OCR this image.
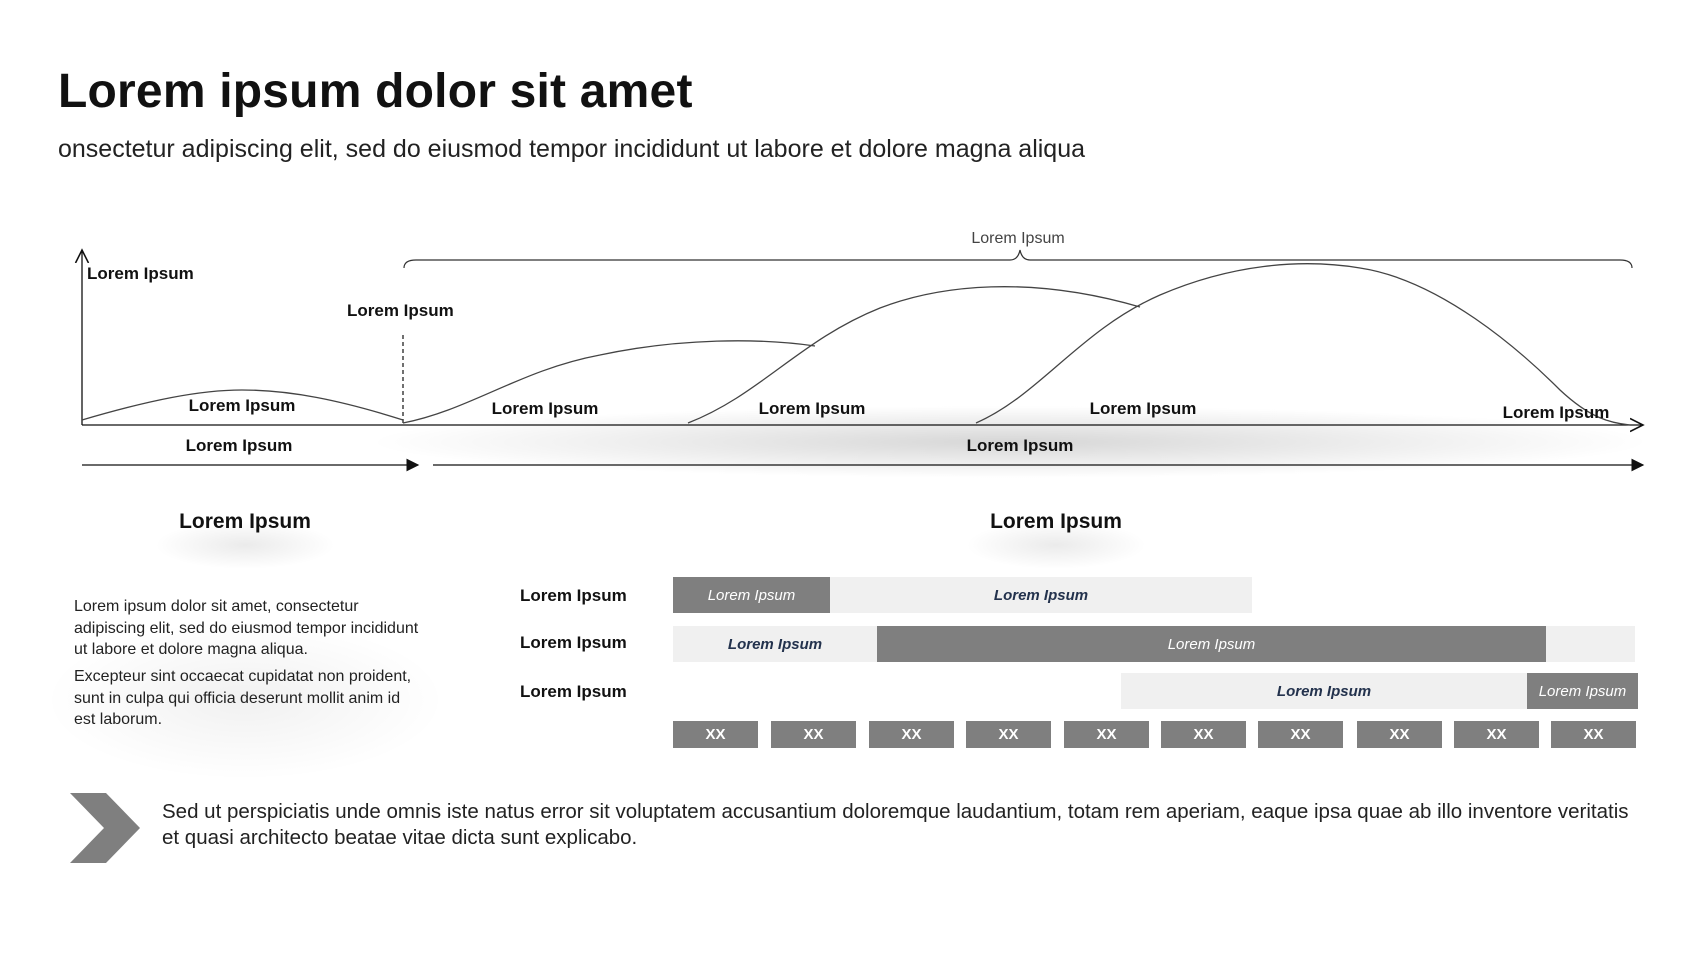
Lorem ipsum dolor sit amet
onsectetur adipiscing elit, sed do eiusmod tempor incididunt ut labore et dolore magna aliqua
Lorem Ipsum
Lorem Ipsum
Lorem Ipsum
Lorem Ipsum	Lorem Ipsum	Lorem Ipsum	Lorem Ipsum	Lorem Ipsum
Lorem Ipsum	Lorem Ipsum
Lorem Ipsum	Lorem Ipsum
Lorem ipsum dolor sit amet, consectetur adipiscing elit, sed do eiusmod tempor incididunt ut labore et dolore magna aliqua.
Excepteur sint occaecat cupidatat non proident, sunt in culpa qui officia deserunt mollit anim id est laborum.
Lorem Ipsum
Lorem Ipsum
Lorem Ipsum
Lorem Ipsum	Lorem Ipsum
Lorem Ipsum	Lorem Ipsum
Lorem Ipsum	Lorem Ipsum
XX	XX	XX	XX	XX	XX	XX	XX	XX	XX
Sed ut perspiciatis unde omnis iste natus error sit voluptatem accusantium doloremque laudantium, totam rem aperiam, eaque ipsa quae ab illo inventore veritatis et quasi architecto beatae vitae dicta sunt explicabo.
